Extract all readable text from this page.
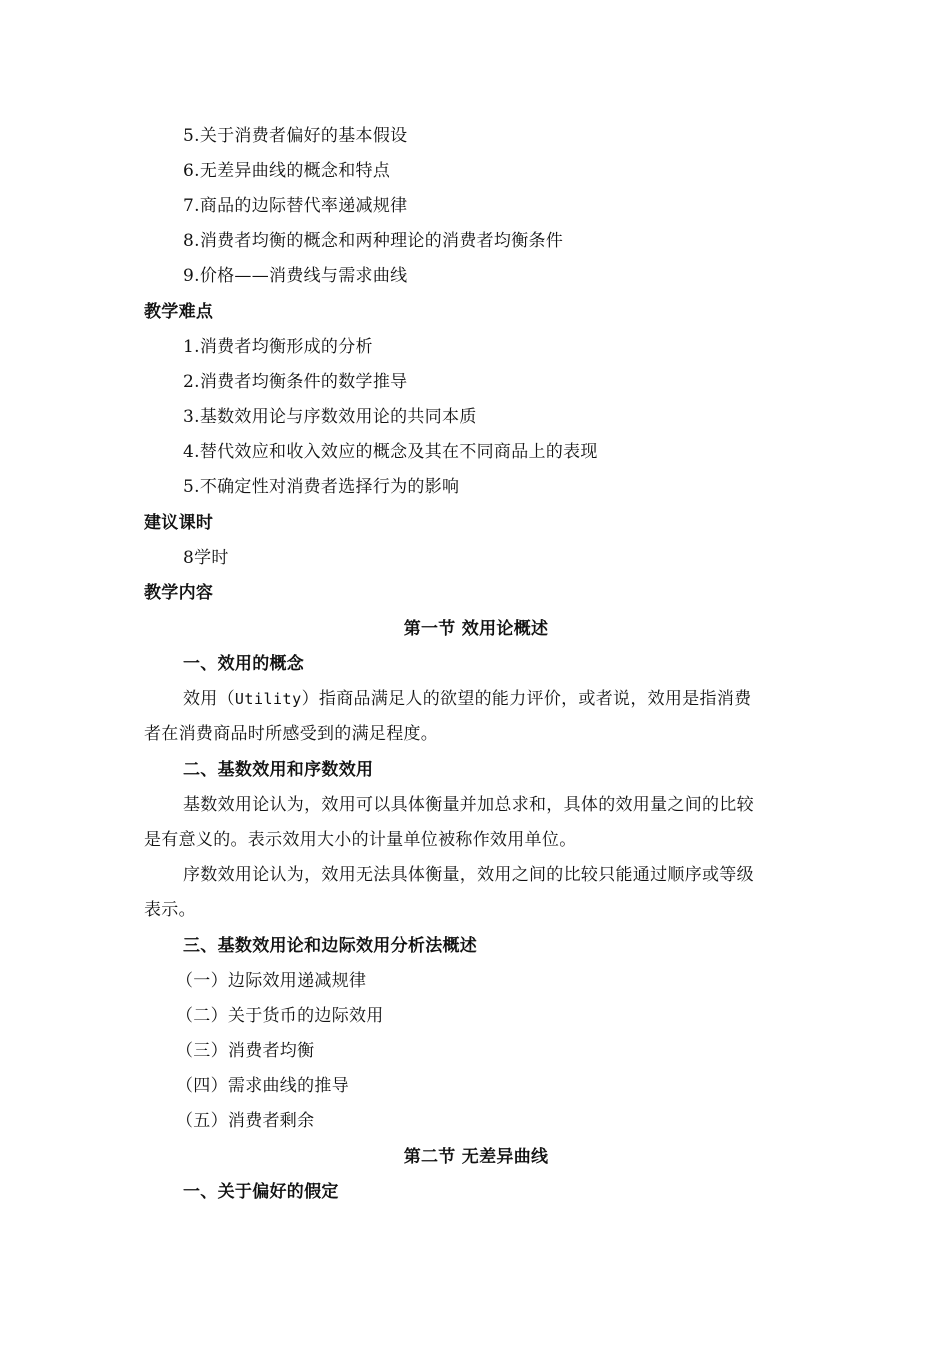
5.关于消费者偏好的基本假设
6.无差异曲线的概念和特点
7.商品的边际替代率递减规律
8.消费者均衡的概念和两种理论的消费者均衡条件
9.价格——消费线与需求曲线
教学难点
1.消费者均衡形成的分析
2.消费者均衡条件的数学推导
3.基数效用论与序数效用论的共同本质
4.替代效应和收入效应的概念及其在不同商品上的表现
5.不确定性对消费者选择行为的影响
建议课时
8学时
教学内容
第一节 效用论概述
一、效用的概念
效用（Utility）指商品满足人的欲望的能力评价，或者说，效用是指消费
者在消费商品时所感受到的满足程度。
二、基数效用和序数效用
基数效用论认为，效用可以具体衡量并加总求和，具体的效用量之间的比较
是有意义的。表示效用大小的计量单位被称作效用单位。
序数效用论认为，效用无法具体衡量，效用之间的比较只能通过顺序或等级
表示。
三、基数效用论和边际效用分析法概述
（一）边际效用递减规律
（二）关于货币的边际效用
（三）消费者均衡
（四）需求曲线的推导
（五）消费者剩余
第二节 无差异曲线
一、关于偏好的假定
